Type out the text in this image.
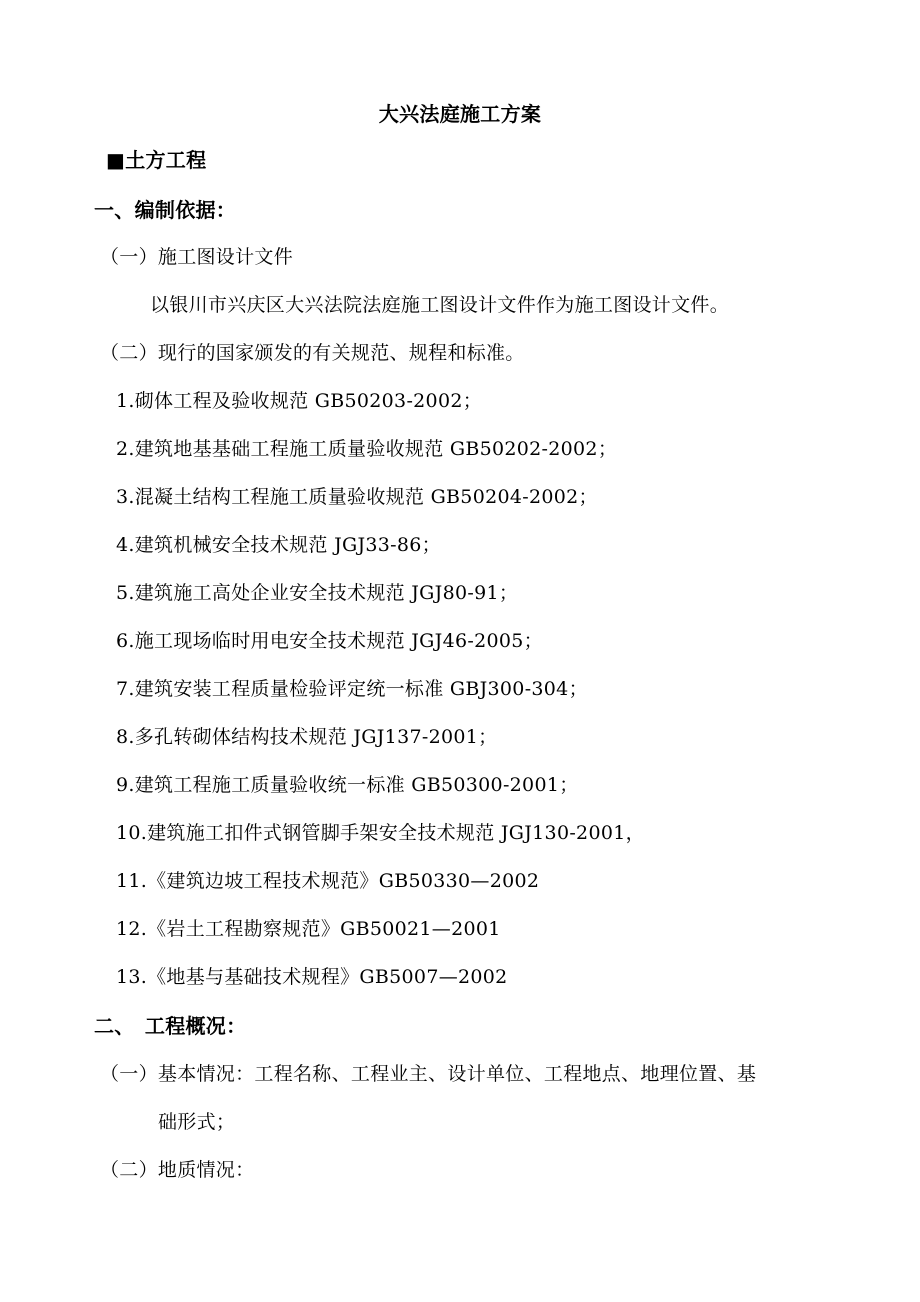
大兴法庭施工方案
■土方工程
一、编制依据：
（一）施工图设计文件
以银川市兴庆区大兴法院法庭施工图设计文件作为施工图设计文件。
（二）现行的国家颁发的有关规范、规程和标准。
1.砌体工程及验收规范 GB50203-2002；
2.建筑地基基础工程施工质量验收规范 GB50202-2002；
3.混凝土结构工程施工质量验收规范 GB50204-2002；
4.建筑机械安全技术规范 JGJ33-86；
5.建筑施工高处企业安全技术规范 JGJ80-91；
6.施工现场临时用电安全技术规范 JGJ46-2005；
7.建筑安装工程质量检验评定统一标准 GBJ300-304；
8.多孔转砌体结构技术规范 JGJ137-2001；
9.建筑工程施工质量验收统一标准 GB50300-2001；
10.建筑施工扣件式钢管脚手架安全技术规范 JGJ130-2001，
11.《建筑边坡工程技术规范》GB50330—2002
12.《岩土工程勘察规范》GB50021—2001
13.《地基与基础技术规程》GB5007—2002
二、　工程概况：
（一）基本情况：工程名称、工程业主、设计单位、工程地点、地理位置、基
础形式；
（二）地质情况：
